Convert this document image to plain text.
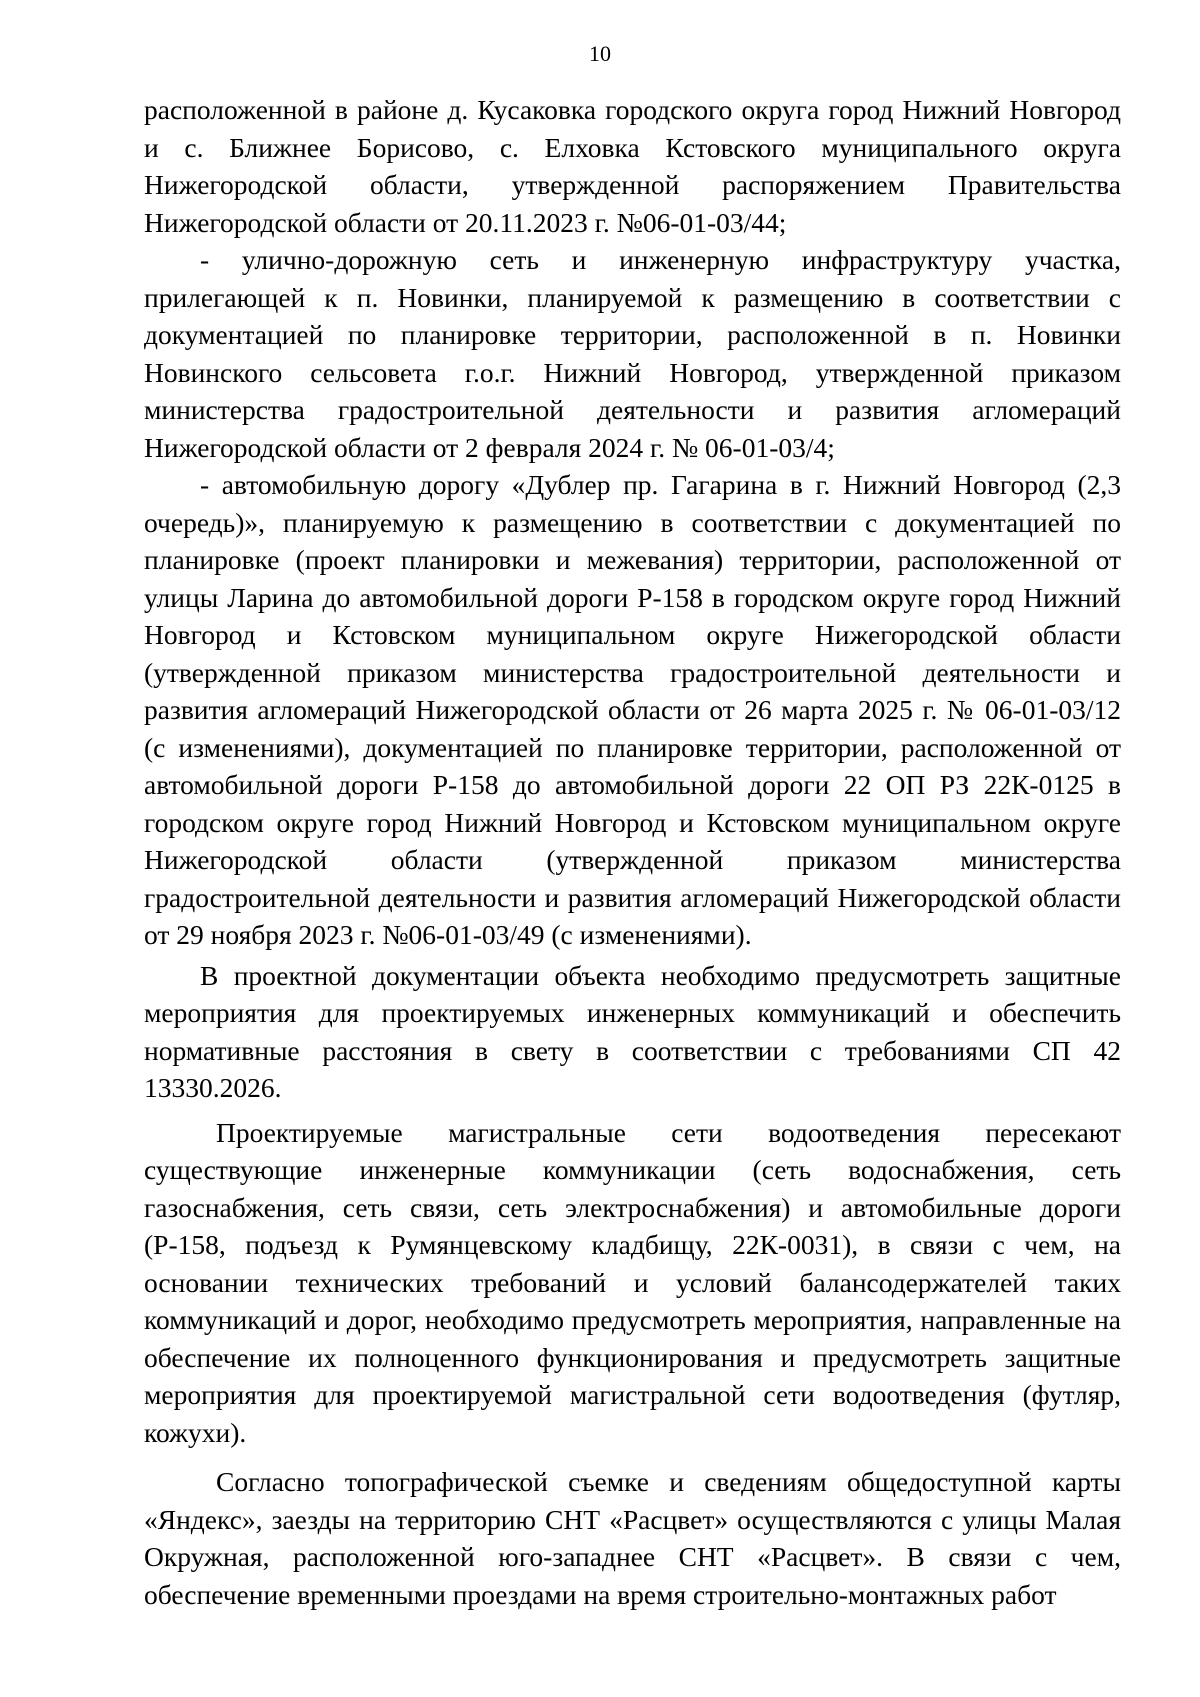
10

расположенной в районе д. Кусаковка городского округа город Нижний Новгород и с. Ближнее Борисово, с. Елховка Кстовского муниципального округа Нижегородской области, утвержденной распоряжением Правительства Нижегородской области от 20.11.2023 г. №06-01-03/44;

- улично-дорожную сеть и инженерную инфраструктуру участка, прилегающей к п. Новинки, планируемой к размещению в соответствии с документацией по планировке территории, расположенной в п. Новинки Новинского сельсовета г.о.г. Нижний Новгород, утвержденной приказом министерства градостроительной деятельности и развития агломераций Нижегородской области от 2 февраля 2024 г. № 06-01-03/4;

- автомобильную дорогу «Дублер пр. Гагарина в г. Нижний Новгород (2,3 очередь)», планируемую к размещению в соответствии с документацией по планировке (проект планировки и межевания) территории, расположенной от улицы Ларина до автомобильной дороги Р-158 в городском округе город Нижний Новгород и Кстовском муниципальном округе Нижегородской области (утвержденной приказом министерства градостроительной деятельности и развития агломераций Нижегородской области от 26 марта 2025 г. № 06-01-03/12 (с изменениями), документацией по планировке территории, расположенной от автомобильной дороги Р-158 до автомобильной дороги 22 ОП РЗ 22К-0125 в городском округе город Нижний Новгород и Кстовском муниципальном округе Нижегородской области (утвержденной приказом министерства градостроительной деятельности и развития агломераций Нижегородской области от 29 ноября 2023 г. №06-01-03/49 (с изменениями).

В проектной документации объекта необходимо предусмотреть защитные мероприятия для проектируемых инженерных коммуникаций и обеспечить нормативные расстояния в свету в соответствии с требованиями СП 42 13330.2026.

Проектируемые магистральные сети водоотведения пересекают существующие инженерные коммуникации (сеть водоснабжения, сеть газоснабжения, сеть связи, сеть электроснабжения) и автомобильные дороги (Р-158, подъезд к Румянцевскому кладбищу, 22К-0031), в связи с чем, на основании технических требований и условий балансодержателей таких коммуникаций и дорог, необходимо предусмотреть мероприятия, направленные на обеспечение их полноценного функционирования и предусмотреть защитные мероприятия для проектируемой магистральной сети водоотведения (футляр, кожухи).

Согласно топографической съемке и сведениям общедоступной карты «Яндекс», заезды на территорию СНТ «Расцвет» осуществляются с улицы Малая Окружная, расположенной юго-западнее СНТ «Расцвет». В связи с чем, обеспечение временными проездами на время строительно-монтажных работ
